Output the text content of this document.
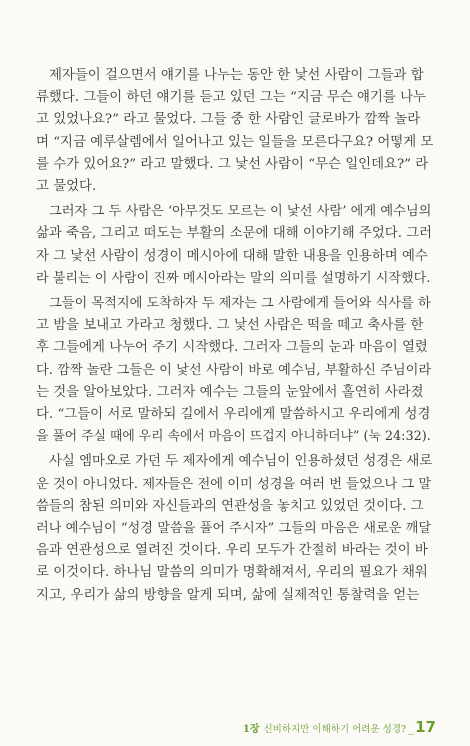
제자들이 걸으면서 얘기를 나누는 동안 한 낯선 사람이 그들과 합
류했다. 그들이 하던 얘기를 듣고 있던 그는 “지금 무슨 얘기를 나누
고 있었나요?” 라고 물었다. 그들 중 한 사람인 글로바가 깜짝 놀라
며 “지금 예루살렘에서 일어나고 있는 일들을 모른다구요? 어떻게 모
를 수가 있어요?” 라고 말했다. 그 낯선 사람이 “무슨 일인데요?” 라
고 물었다.

그러자 그 두 사람은 ‘아무것도 모르는 이 낯선 사람’ 에게 예수님의
삶과 죽음, 그리고 떠도는 부활의 소문에 대해 이야기해 주었다. 그러
자 그 낯선 사람이 성경이 메시아에 대해 말한 내용을 인용하며 예수
라 불리는 이 사람이 진짜 메시아라는 말의 의미를 설명하기 시작했다.

그들이 목적지에 도착하자 두 제자는 그 사람에게 들어와 식사를 하
고 밤을 보내고 가라고 청했다. 그 낯선 사람은 떡을 떼고 축사를 한
후 그들에게 나누어 주기 시작했다. 그러자 그들의 눈과 마음이 열렸
다. 깜짝 놀란 그들은 이 낯선 사람이 바로 예수님, 부활하신 주님이라
는 것을 알아보았다. 그러자 예수는 그들의 눈앞에서 홀연히 사라졌
다. “그들이 서로 말하되 길에서 우리에게 말씀하시고 우리에게 성경
을 풀어 주실 때에 우리 속에서 마음이 뜨겁지 아니하더냐” (눅 24:32).

사실 엠마오로 가던 두 제자에게 예수님이 인용하셨던 성경은 새로
운 것이 아니었다. 제자들은 전에 이미 성경을 여러 번 들었으나 그 말
씀들의 참된 의미와 자신들과의 연관성을 놓치고 있었던 것이다. 그
러나 예수님이 “성경 말씀을 풀어 주시자” 그들의 마음은 새로운 깨달
음과 연관성으로 열려진 것이다. 우리 모두가 간절히 바라는 것이 바
로 이것이다. 하나님 말씀의 의미가 명확해져서, 우리의 필요가 채워
지고, 우리가 삶의 방향을 알게 되며, 삶에 실제적인 통찰력을 얻는

1장 신비하지만 이해하기 어려운 성경? _ 17
